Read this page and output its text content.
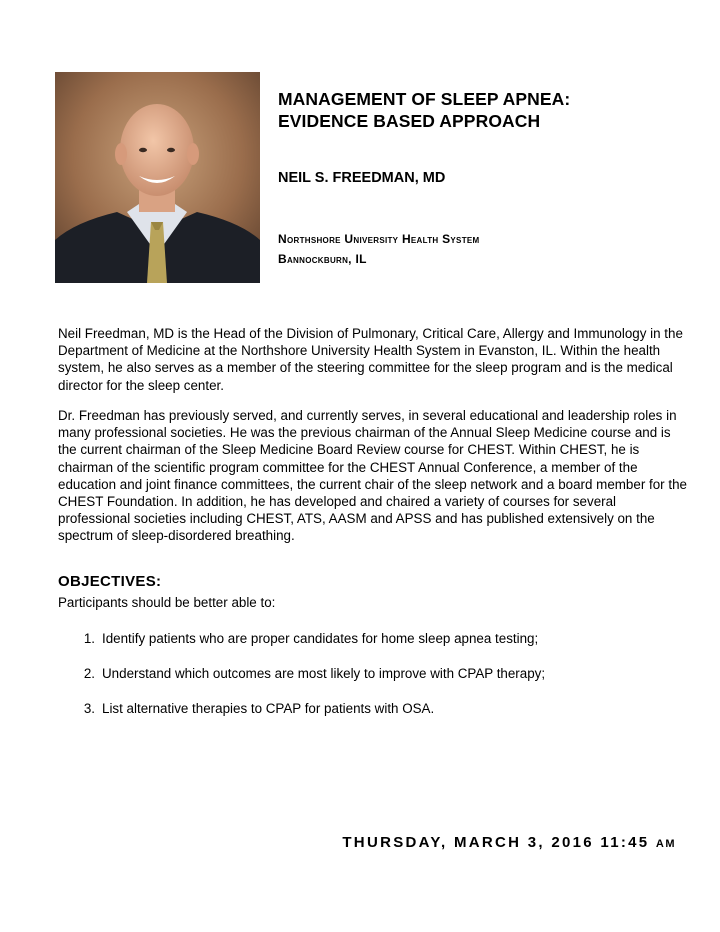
MANAGEMENT OF SLEEP APNEA:

EVIDENCE BASED APPROACH

NEIL S. FREEDMAN, MD
Northshore University Health System
Bannockburn, IL

Neil Freedman, MD is the Head of the Division of Pulmonary, Critical Care, Allergy and Immunology in the Department of Medicine at the Northshore University Health System in Evanston, IL. Within the health system, he also serves as a member of the steering committee for the sleep program and is the medical director for the sleep center.

Dr. Freedman has previously served, and currently serves, in several educational and leadership roles in many professional societies. He was the previous chairman of the Annual Sleep Medicine course and is the current chairman of the Sleep Medicine Board Review course for CHEST. Within CHEST, he is chairman of the scientific program committee for the CHEST Annual Conference, a member of the education and joint finance committees, the current chair of the sleep network and a board member for the CHEST Foundation. In addition, he has developed and chaired a variety of courses for several professional societies including CHEST, ATS, AASM and APSS and has published extensively on the spectrum of sleep-disordered breathing.

OBJECTIVES:
Participants should be better able to:
1. Identify patients who are proper candidates for home sleep apnea testing;
2. Understand which outcomes are most likely to improve with CPAP therapy;
3. List alternative therapies to CPAP for patients with OSA.
THURSDAY, MARCH 3, 2016 11:45 AM
